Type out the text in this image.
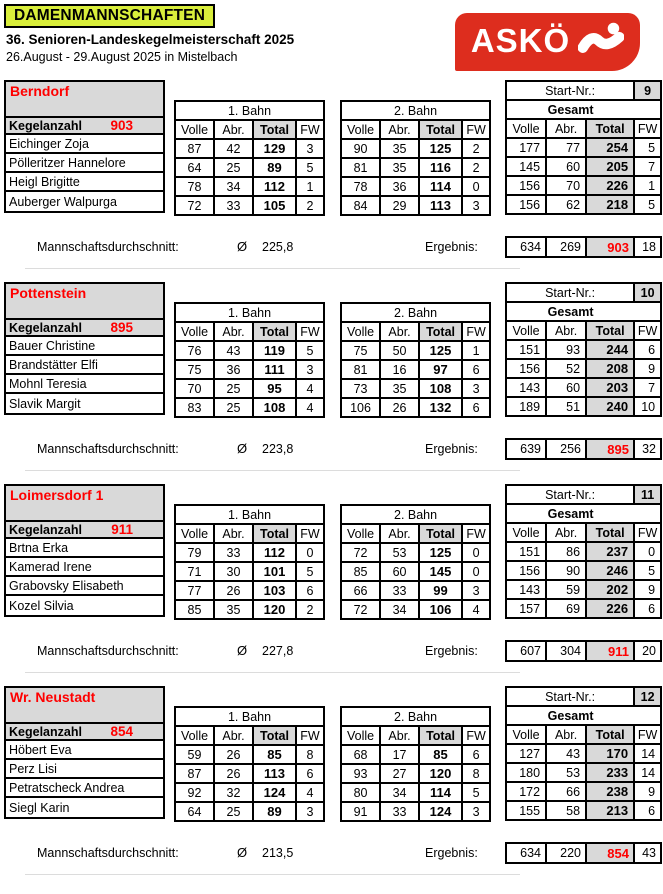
DAMENMANNSCHAFTEN
36. Senioren-Landeskegelmeisterschaft 2025
26.August - 29.August 2025 in Mistelbach	ASKÖ
Berndorf
Kegelanzahl 903
Eichinger Zoja
Pölleritzer Hannelore
Heigl Brigitte
Auberger Walpurga
1. Bahn			
Volle	Abr.	Total	FW
87	42	129	3
64	25	89	5
78	34	112	1
72	33	105	2
2. Bahn			
Volle	Abr.	Total	FW
90	35	125	2
81	35	116	2
78	36	114	0
84	29	113	3
Start-Nr.:			9
Gesamt			
Volle	Abr.	Total	FW
177	77	254	5
145	60	205	7
156	70	226	1
156	62	218	5
Mannschaftsdurchschnitt:	Ø 225,8	Ergebnis:	634	269	903	18
Pottenstein
Kegelanzahl 895
Bauer Christine
Brandstätter Elfi
Mohnl Teresia
Slavik Margit
1. Bahn			
Volle	Abr.	Total	FW
76	43	119	5
75	36	111	3
70	25	95	4
83	25	108	4
2. Bahn			
Volle	Abr.	Total	FW
75	50	125	1
81	16	97	6
73	35	108	3
106	26	132	6
Start-Nr.:			10
Gesamt			
Volle	Abr.	Total	FW
151	93	244	6
156	52	208	9
143	60	203	7
189	51	240	10
Mannschaftsdurchschnitt:	Ø 223,8	Ergebnis:	639	256	895	32
Loimersdorf 1
Kegelanzahl 911
Brtna Erka
Kamerad Irene
Grabovsky Elisabeth
Kozel Silvia
1. Bahn			
Volle	Abr.	Total	FW
79	33	112	0
71	30	101	5
77	26	103	6
85	35	120	2
2. Bahn			
Volle	Abr.	Total	FW
72	53	125	0
85	60	145	0
66	33	99	3
72	34	106	4
Start-Nr.:			11
Gesamt			
Volle	Abr.	Total	FW
151	86	237	0
156	90	246	5
143	59	202	9
157	69	226	6
Mannschaftsdurchschnitt:	Ø 227,8	Ergebnis:	607	304	911	20
Wr. Neustadt
Kegelanzahl 854
Höbert Eva
Perz Lisi
Petratscheck Andrea
Siegl Karin
1. Bahn			
Volle	Abr.	Total	FW
59	26	85	8
87	26	113	6
92	32	124	4
64	25	89	3
2. Bahn			
Volle	Abr.	Total	FW
68	17	85	6
93	27	120	8
80	34	114	5
91	33	124	3
Start-Nr.:			12
Gesamt			
Volle	Abr.	Total	FW
127	43	170	14
180	53	233	14
172	66	238	9
155	58	213	6
Mannschaftsdurchschnitt:	Ø 213,5	Ergebnis:	634	220	854	43
